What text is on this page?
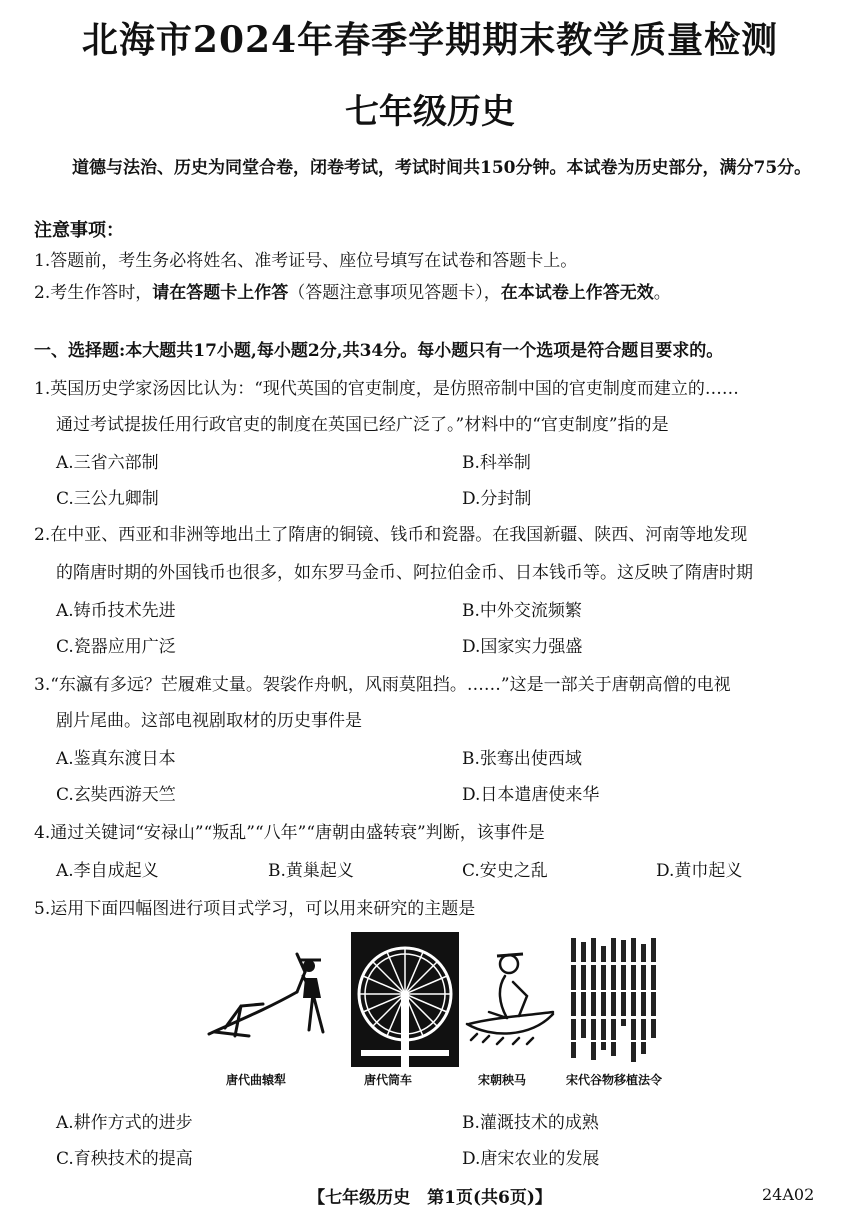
北海市2024年春季学期期末教学质量检测
七年级历史
道德与法治、历史为同堂合卷，闭卷考试，考试时间共150分钟。本试卷为历史部分，满分75分。
注意事项：
1.答题前，考生务必将姓名、准考证号、座位号填写在试卷和答题卡上。
2.考生作答时，请在答题卡上作答（答题注意事项见答题卡），在本试卷上作答无效。
一、选择题:本大题共17小题,每小题2分,共34分。每小题只有一个选项是符合题目要求的。
1.英国历史学家汤因比认为：“现代英国的官吏制度，是仿照帝制中国的官吏制度而建立的……
通过考试提拔任用行政官吏的制度在英国已经广泛了。”材料中的“官吏制度”指的是
A.三省六部制	B.科举制
C.三公九卿制	D.分封制
2.在中亚、西亚和非洲等地出土了隋唐的铜镜、钱币和瓷器。在我国新疆、陕西、河南等地发现
的隋唐时期的外国钱币也很多，如东罗马金币、阿拉伯金币、日本钱币等。这反映了隋唐时期
A.铸币技术先进	B.中外交流频繁
C.瓷器应用广泛	D.国家实力强盛
3.“东瀛有多远？芒履难丈量。袈裟作舟帆，风雨莫阻挡。……”这是一部关于唐朝高僧的电视
剧片尾曲。这部电视剧取材的历史事件是
A.鉴真东渡日本	B.张骞出使西域
C.玄奘西游天竺	D.日本遣唐使来华
4.通过关键词“安禄山”“叛乱”“八年”“唐朝由盛转衰”判断，该事件是
A.李自成起义	B.黄巢起义	C.安史之乱	D.黄巾起义
5.运用下面四幅图进行项目式学习，可以用来研究的主题是
唐代曲辕犁	唐代筒车	宋朝秧马	宋代谷物移植法令
A.耕作方式的进步	B.灌溉技术的成熟
C.育秧技术的提高	D.唐宋农业的发展
【七年级历史　第1页(共6页)】	24A02
